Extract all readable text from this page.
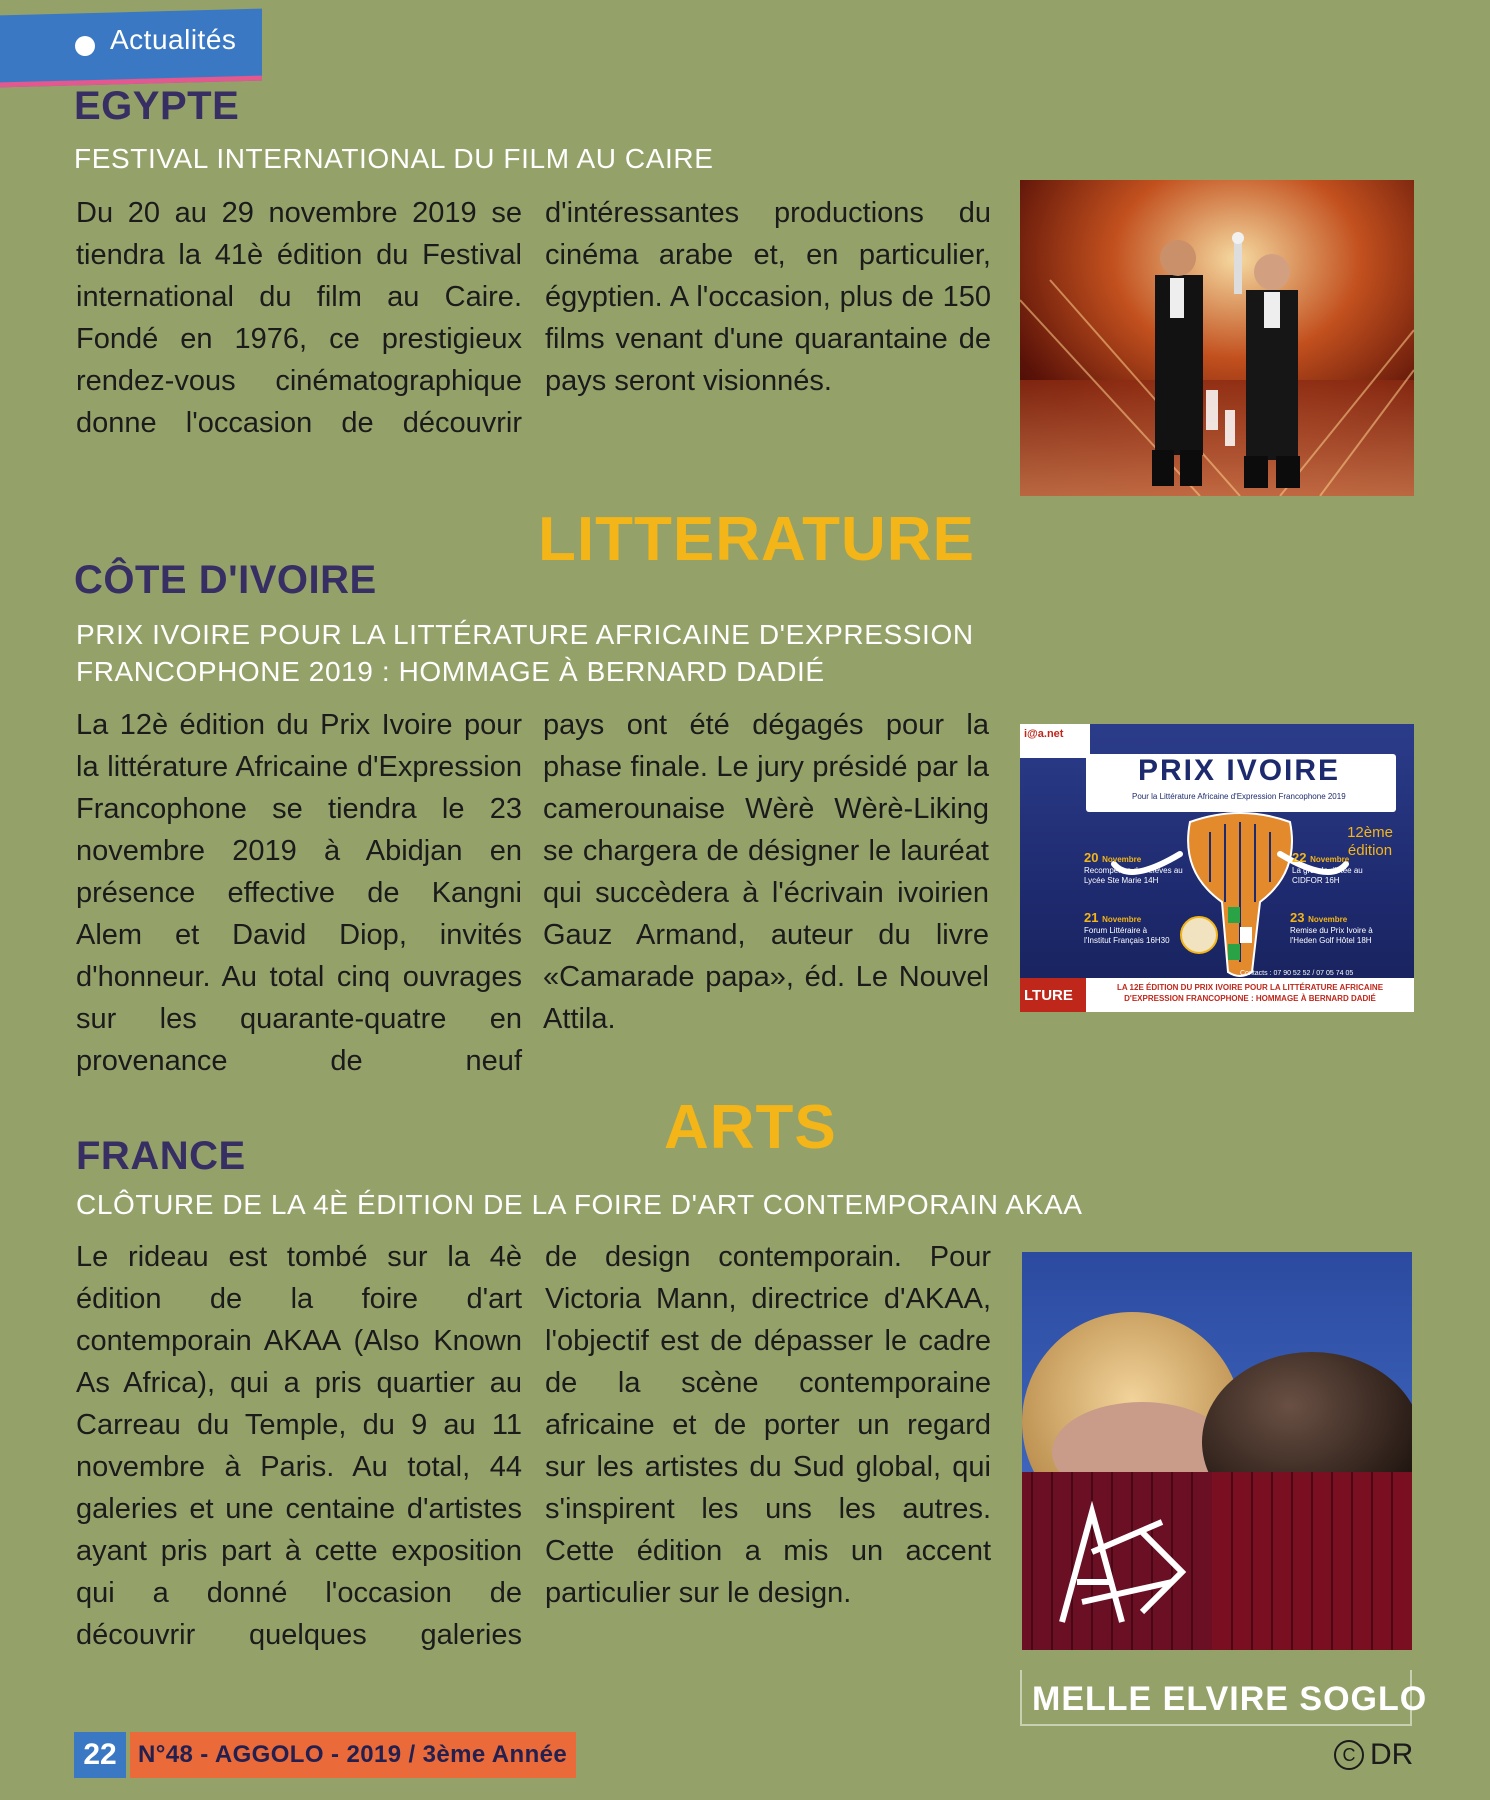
Actualités
EGYPTE
FESTIVAL INTERNATIONAL DU FILM AU CAIRE
Du 20 au 29 novembre 2019 se tiendra la 41è édition du Festival international du film au Caire. Fondé en 1976, ce prestigieux rendez-vous cinématographique donne l'occasion de découvrir
d'intéressantes productions du cinéma arabe et, en particulier, égyptien. A l'occasion, plus de 150 films venant d'une quarantaine de pays seront visionnés.
LITTERATURE
CÔTE D'IVOIRE
PRIX IVOIRE POUR LA LITTÉRATURE AFRICAINE D'EXPRESSION
FRANCOPHONE 2019 : HOMMAGE À BERNARD DADIÉ
La 12è édition du Prix Ivoire pour la littérature Africaine d'Expression Francophone se tiendra le 23 novembre 2019 à Abidjan en présence effective de Kangni Alem et David Diop, invités d'honneur. Au total cinq ouvrages sur les quarante-quatre en provenance de neuf
pays ont été dégagés pour la phase finale. Le jury présidé par la camerounaise Wèrè Wèrè-Liking se chargera de désigner le lauréat qui succèdera à l'écrivain ivoirien Gauz Armand, auteur du livre «Camarade papa», éd. Le Nouvel Attila.
i@a.net
PRIX IVOIRE
Pour la Littérature Africaine d'Expression Francophone 2019
12ème édition
20 Novembre
Recompense des élèves au Lycée Ste Marie 14H
22 Novembre
La grande dictée au CIDFOR 16H
21 Novembre
Forum Littéraire à l'Institut Français 16H30
23 Novembre
Remise du Prix Ivoire à l'Heden Golf Hôtel 18H
Contacts : 07 90 52 52 / 07 05 74 05
LTURE	LA 12E ÉDITION DU PRIX IVOIRE POUR LA LITTÉRATURE AFRICAINE D'EXPRESSION FRANCOPHONE : HOMMAGE À BERNARD DADIÉ
ARTS
FRANCE
CLÔTURE DE LA 4È ÉDITION DE LA FOIRE D'ART CONTEMPORAIN AKAA
Le rideau est tombé sur la 4è édition de la foire d'art contemporain AKAA (Also Known As Africa), qui a pris quartier au Carreau du Temple, du 9 au 11 novembre à Paris. Au total, 44 galeries et une centaine d'artistes ayant pris part à cette exposition qui a donné l'occasion de découvrir quelques galeries
de design contemporain. Pour Victoria Mann, directrice d'AKAA, l'objectif est de dépasser le cadre de la scène contemporaine africaine et de porter un regard sur les artistes du Sud global, qui s'inspirent les uns les autres. Cette édition a mis un accent particulier sur le design.
MELLE ELVIRE SOGLO
22 N°48 - AGGOLO - 2019 / 3ème Année	C DR
